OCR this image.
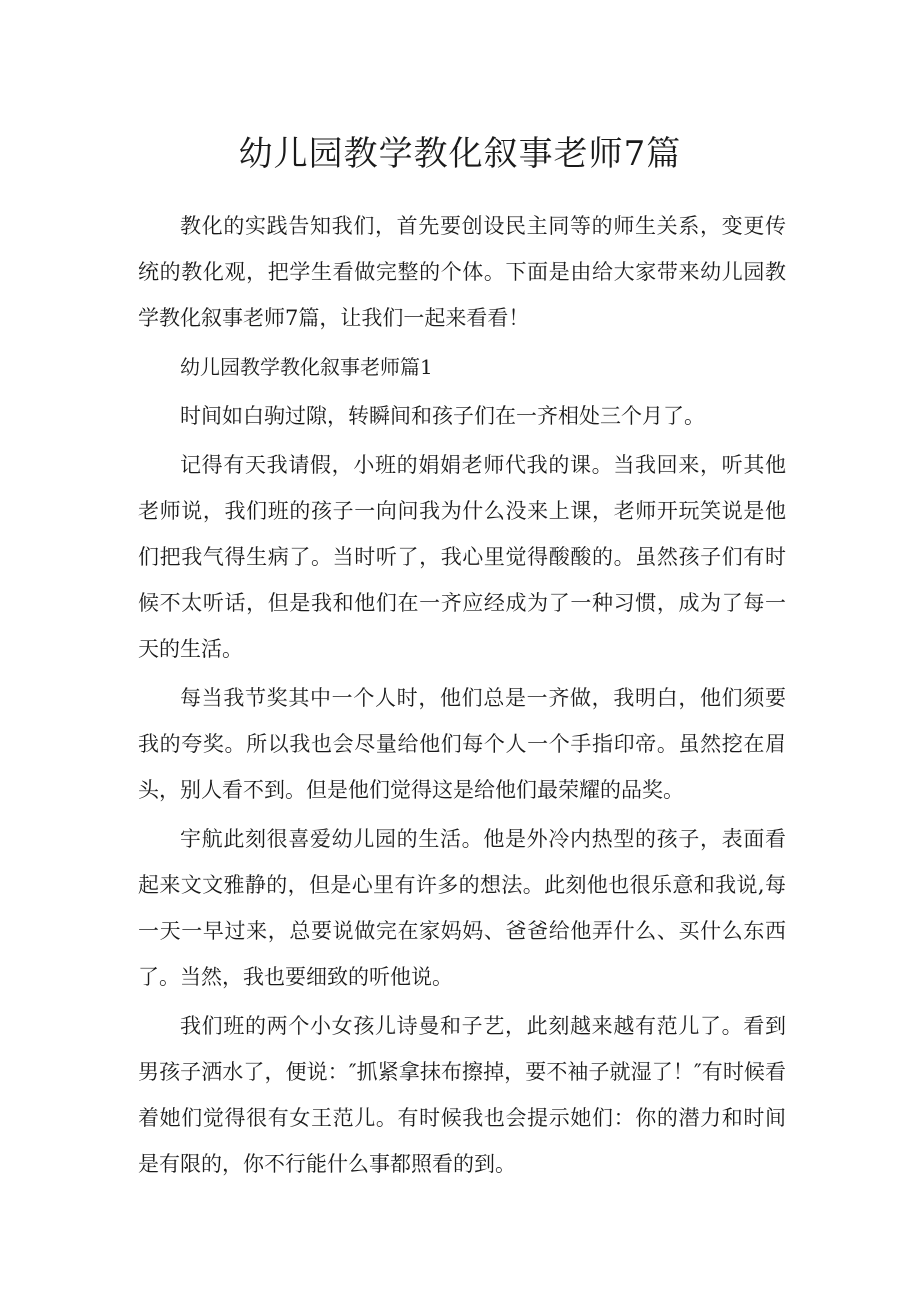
幼儿园教学教化叙事老师7篇

教化的实践告知我们，首先要创设民主同等的师生关系，变更传统的教化观，把学生看做完整的个体。下面是由给大家带来幼儿园教学教化叙事老师7篇，让我们一起来看看！

幼儿园教学教化叙事老师篇1

时间如白驹过隙，转瞬间和孩子们在一齐相处三个月了。

记得有天我请假，小班的娟娟老师代我的课。当我回来，听其他老师说，我们班的孩子一向问我为什么没来上课，老师开玩笑说是他们把我气得生病了。当时听了，我心里觉得酸酸的。虽然孩子们有时候不太听话，但是我和他们在一齐应经成为了一种习惯，成为了每一天的生活。

每当我节奖其中一个人时，他们总是一齐做，我明白，他们须要我的夸奖。所以我也会尽量给他们每个人一个手指印帝。虽然挖在眉头，别人看不到。但是他们觉得这是给他们最荣耀的品奖。

宇航此刻很喜爱幼儿园的生活。他是外冷内热型的孩子，表面看起来文文雅静的，但是心里有许多的想法。此刻他也很乐意和我说,每一天一早过来，总要说做完在家妈妈、爸爸给他弄什么、买什么东西了。当然，我也要细致的听他说。

我们班的两个小女孩儿诗曼和子艺，此刻越来越有范儿了。看到男孩子洒水了，便说：″抓紧拿抹布擦掉，要不袖子就湿了！″有时候看着她们觉得很有女王范儿。有时候我也会提示她们：你的潜力和时间是有限的，你不行能什么事都照看的到。
